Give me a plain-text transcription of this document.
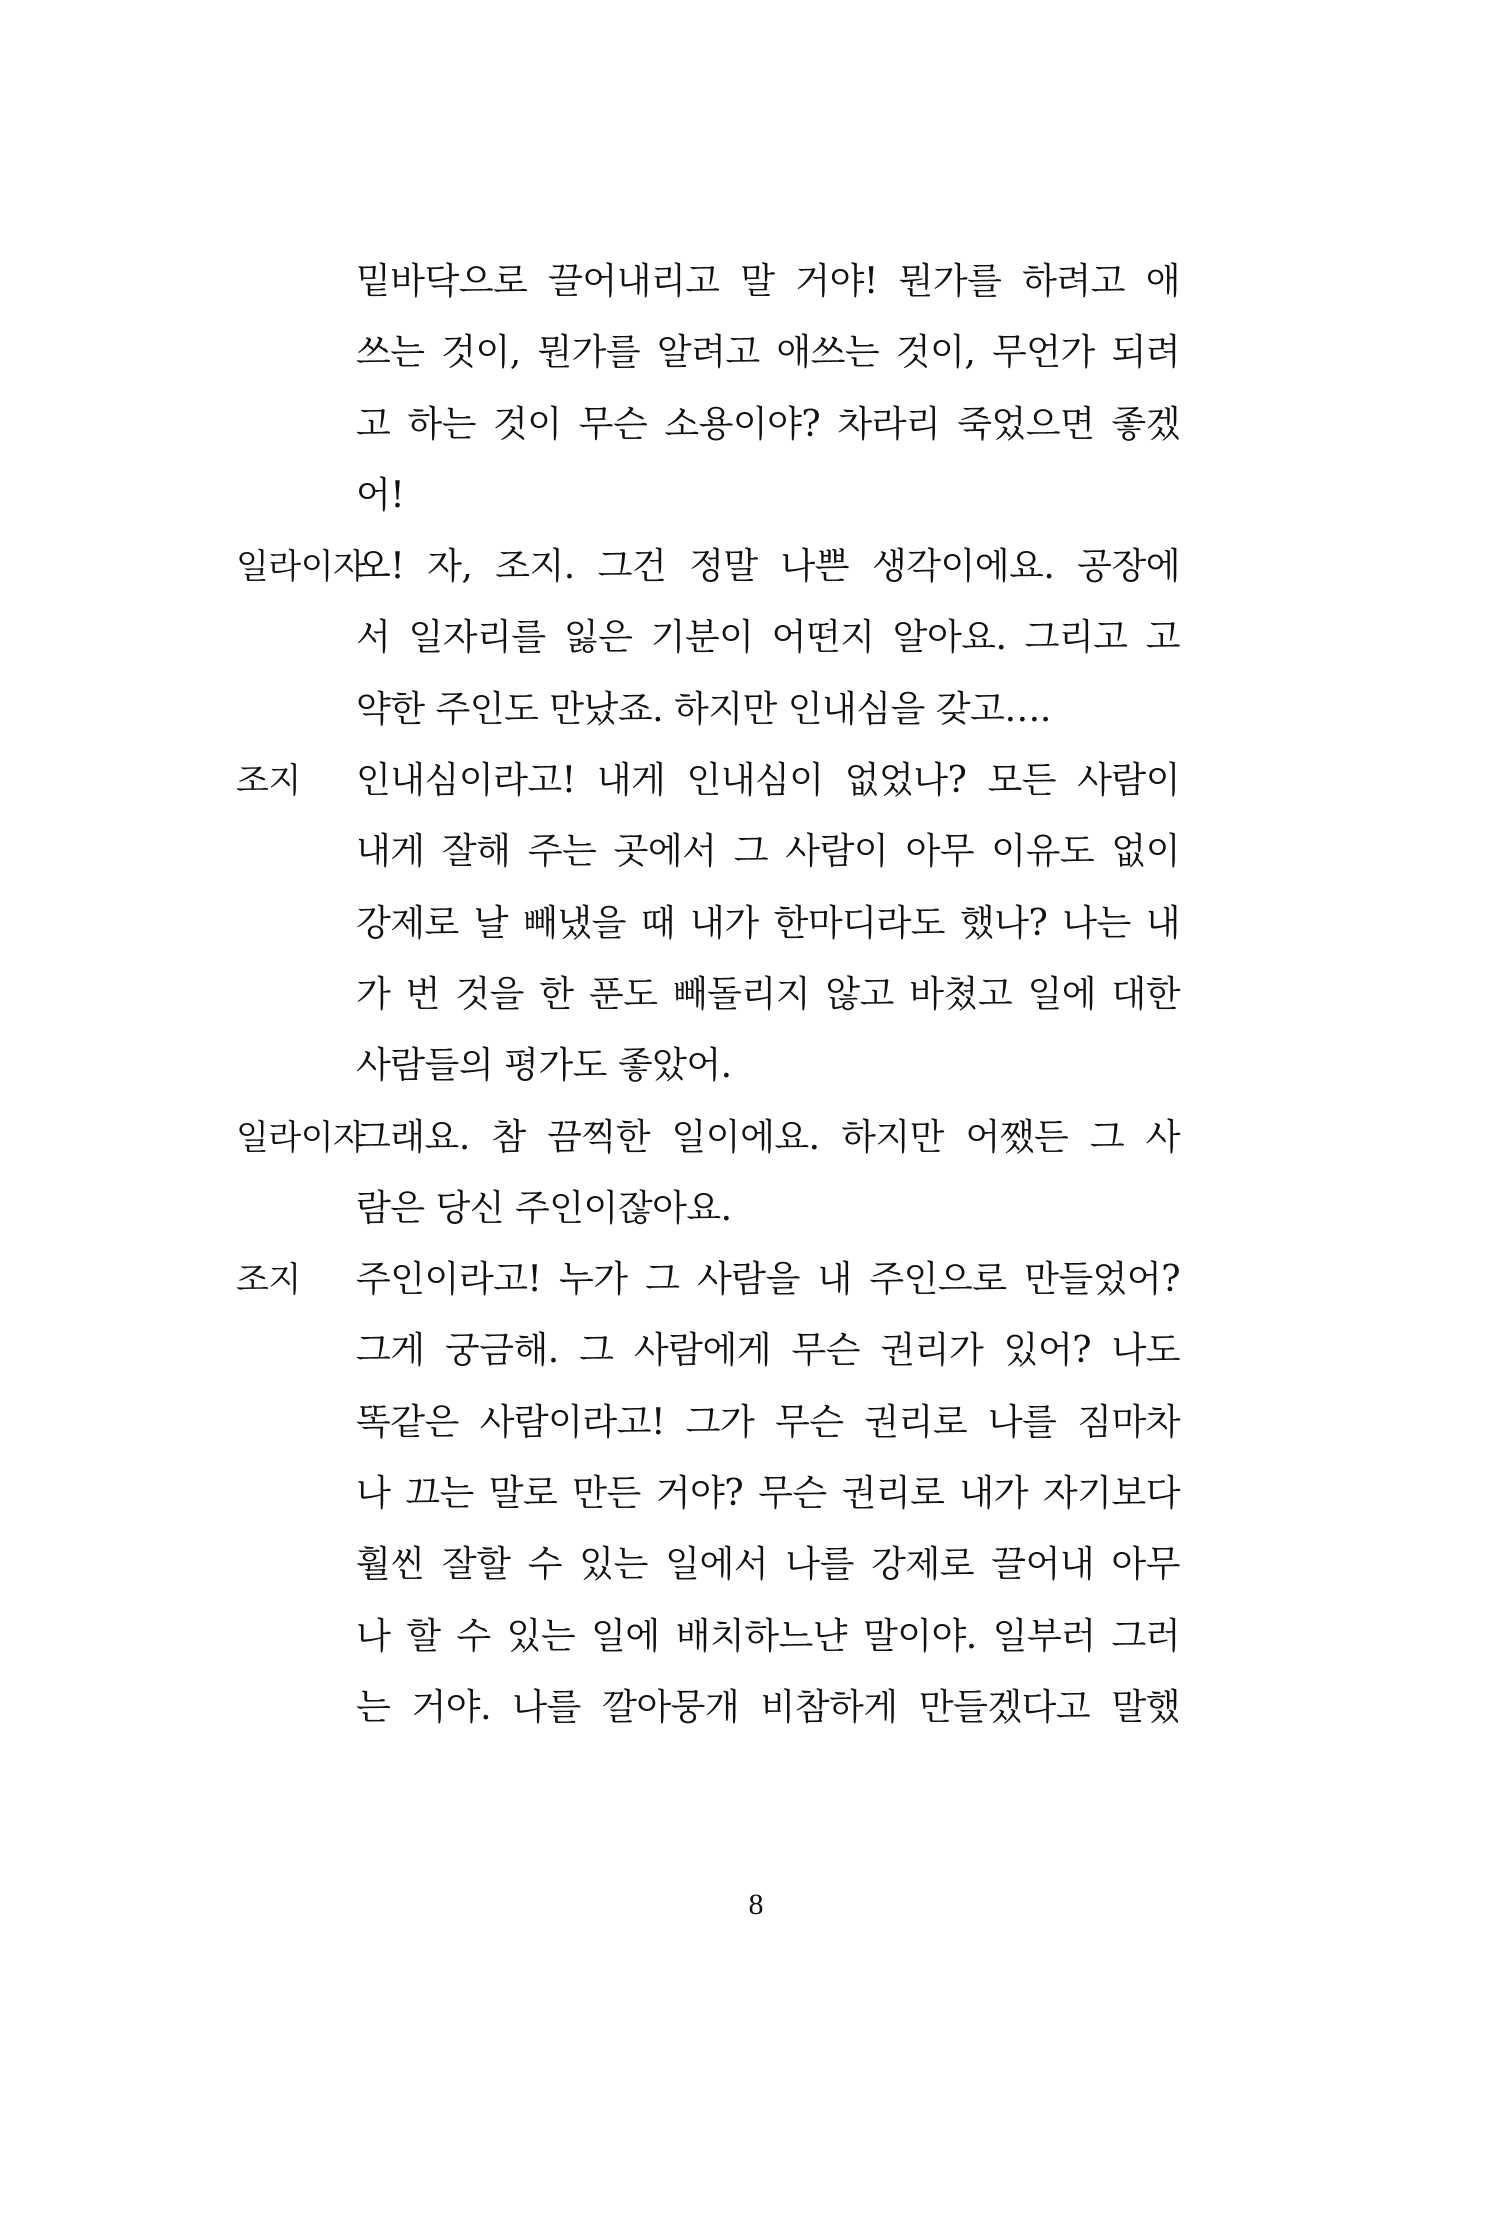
밑바닥으로 끌어내리고 말 거야! 뭔가를 하려고 애
쓰는 것이, 뭔가를 알려고 애쓰는 것이, 무언가 되려
고 하는 것이 무슨 소용이야? 차라리 죽었으면 좋겠
어!
일라이자
오! 자, 조지. 그건 정말 나쁜 생각이에요. 공장에
서 일자리를 잃은 기분이 어떤지 알아요. 그리고 고
약한 주인도 만났죠. 하지만 인내심을 갖고….
조지 인내심이라고! 내게 인내심이 없었나? 모든 사람이
내게 잘해 주는 곳에서 그 사람이 아무 이유도 없이
강제로 날 빼냈을 때 내가 한마디라도 했나? 나는 내
가 번 것을 한 푼도 빼돌리지 않고 바쳤고 일에 대한
사람들의 평가도 좋았어.
일라이자
그래요. 참 끔찍한 일이에요. 하지만 어쨌든 그 사
람은 당신 주인이잖아요.
조지 주인이라고! 누가 그 사람을 내 주인으로 만들었어?
그게 궁금해. 그 사람에게 무슨 권리가 있어? 나도
똑같은 사람이라고! 그가 무슨 권리로 나를 짐마차
나 끄는 말로 만든 거야? 무슨 권리로 내가 자기보다
훨씬 잘할 수 있는 일에서 나를 강제로 끌어내 아무
나 할 수 있는 일에 배치하느냔 말이야. 일부러 그러
는 거야. 나를 깔아뭉개 비참하게 만들겠다고 말했
8
